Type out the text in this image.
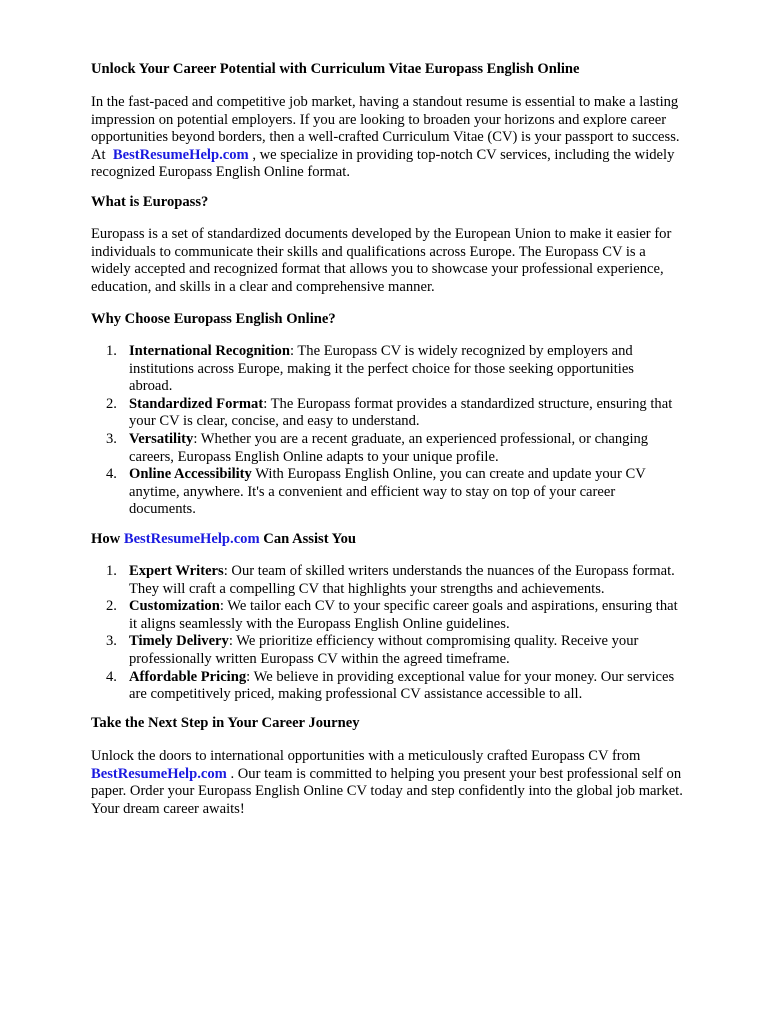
Unlock Your Career Potential with Curriculum Vitae Europass English Online

In the fast-paced and competitive job market, having a standout resume is essential to make a lasting
impression on potential employers. If you are looking to broaden your horizons and explore career
opportunities beyond borders, then a well-crafted Curriculum Vitae (CV) is your passport to success.
At BestResumeHelp.com , we specialize in providing top-notch CV services, including the widely
recognized Europass English Online format.

What is Europass?

Europass is a set of standardized documents developed by the European Union to make it easier for
individuals to communicate their skills and qualifications across Europe. The Europass CV is a
widely accepted and recognized format that allows you to showcase your professional experience,
education, and skills in a clear and comprehensive manner.

Why Choose Europass English Online?
1. International Recognition: The Europass CV is widely recognized by employers and
institutions across Europe, making it the perfect choice for those seeking opportunities
abroad.
2. Standardized Format: The Europass format provides a standardized structure, ensuring that
your CV is clear, concise, and easy to understand.
3. Versatility: Whether you are a recent graduate, an experienced professional, or changing
careers, Europass English Online adapts to your unique profile.
4. Online Accessibility With Europass English Online, you can create and update your CV
anytime, anywhere. It's a convenient and efficient way to stay on top of your career
documents.
How BestResumeHelp.com Can Assist You
1. Expert Writers: Our team of skilled writers understands the nuances of the Europass format.
They will craft a compelling CV that highlights your strengths and achievements.
2. Customization: We tailor each CV to your specific career goals and aspirations, ensuring that
it aligns seamlessly with the Europass English Online guidelines.
3. Timely Delivery: We prioritize efficiency without compromising quality. Receive your
professionally written Europass CV within the agreed timeframe.
4. Affordable Pricing: We believe in providing exceptional value for your money. Our services
are competitively priced, making professional CV assistance accessible to all.
Take the Next Step in Your Career Journey

Unlock the doors to international opportunities with a meticulously crafted Europass CV from
BestResumeHelp.com . Our team is committed to helping you present your best professional self on
paper. Order your Europass English Online CV today and step confidently into the global job market.
Your dream career awaits!
